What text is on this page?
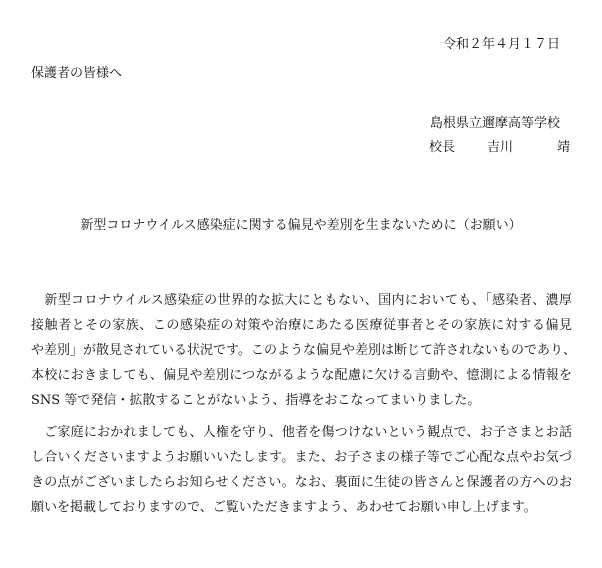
令和２年４月１７日
保護者の皆様へ
島根県立邇摩高等学校
校長 吉川	靖
新型コロナウイルス感染症に関する偏見や差別を生まないために（お願い）
　新型コロナウイルス感染症の世界的な拡大にともない、国内においても、「感染者、濃厚
接触者とその家族、この感染症の対策や治療にあたる医療従事者とその家族に対する偏見
や差別」が散見されている状況です。このような偏見や差別は断じて許されないものであり、
本校におきましても、偏見や差別につながるような配慮に欠ける言動や、憶測による情報を
SNS 等で発信・拡散することがないよう、指導をおこなってまいりました。
　ご家庭におかれましても、人権を守り、他者を傷つけないという観点で、お子さまとお話
し合いくださいますようお願いいたします。また、お子さまの様子等でご心配な点やお気づ
きの点がございましたらお知らせください。なお、裏面に生徒の皆さんと保護者の方へのお
願いを掲載しておりますので、ご覧いただきますよう、あわせてお願い申し上げます。
